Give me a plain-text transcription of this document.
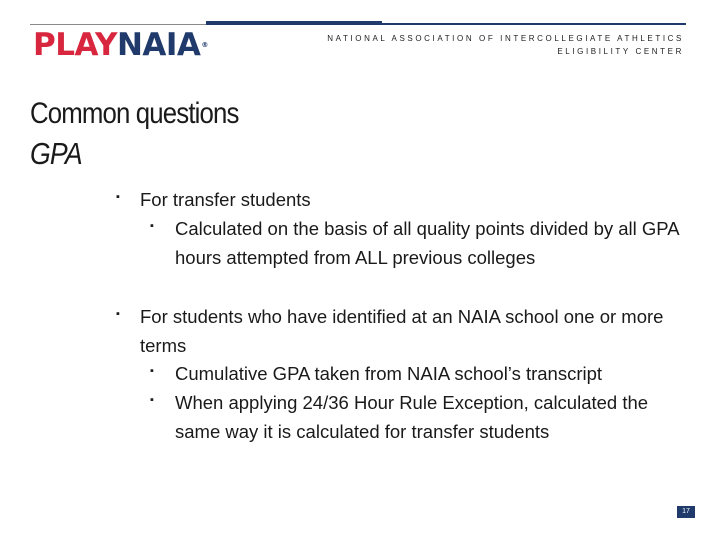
PLAYNAIA®
NATIONAL ASSOCIATION OF INTERCOLLEGIATE ATHLETICS
ELIGIBILITY CENTER
Common questions
GPA
▪	For transfer students
▪	Calculated on the basis of all quality points divided by all GPA hours attempted from ALL previous colleges
▪	For students who have identified at an NAIA school one or more terms
▪	Cumulative GPA taken from NAIA school’s transcript
▪	When applying 24/36 Hour Rule Exception, calculated the same way it is calculated for transfer students
17
